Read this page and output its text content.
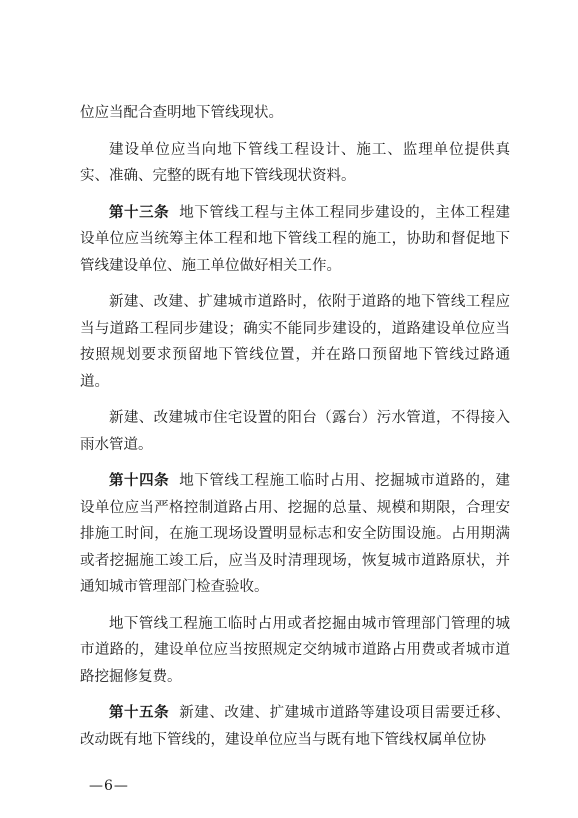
位应当配合查明地下管线现状。

建设单位应当向地下管线工程设计、施工、监理单位提供真实、准确、完整的既有地下管线现状资料。

第十三条 地下管线工程与主体工程同步建设的，主体工程建设单位应当统筹主体工程和地下管线工程的施工，协助和督促地下管线建设单位、施工单位做好相关工作。

新建、改建、扩建城市道路时，依附于道路的地下管线工程应当与道路工程同步建设；确实不能同步建设的，道路建设单位应当按照规划要求预留地下管线位置，并在路口预留地下管线过路通道。

新建、改建城市住宅设置的阳台（露台）污水管道，不得接入雨水管道。

第十四条 地下管线工程施工临时占用、挖掘城市道路的，建设单位应当严格控制道路占用、挖掘的总量、规模和期限，合理安排施工时间，在施工现场设置明显标志和安全防围设施。占用期满或者挖掘施工竣工后，应当及时清理现场，恢复城市道路原状，并通知城市管理部门检查验收。

地下管线工程施工临时占用或者挖掘由城市管理部门管理的城市道路的，建设单位应当按照规定交纳城市道路占用费或者城市道路挖掘修复费。

第十五条 新建、改建、扩建城市道路等建设项目需要迁移、改动既有地下管线的，建设单位应当与既有地下管线权属单位协

—6—
